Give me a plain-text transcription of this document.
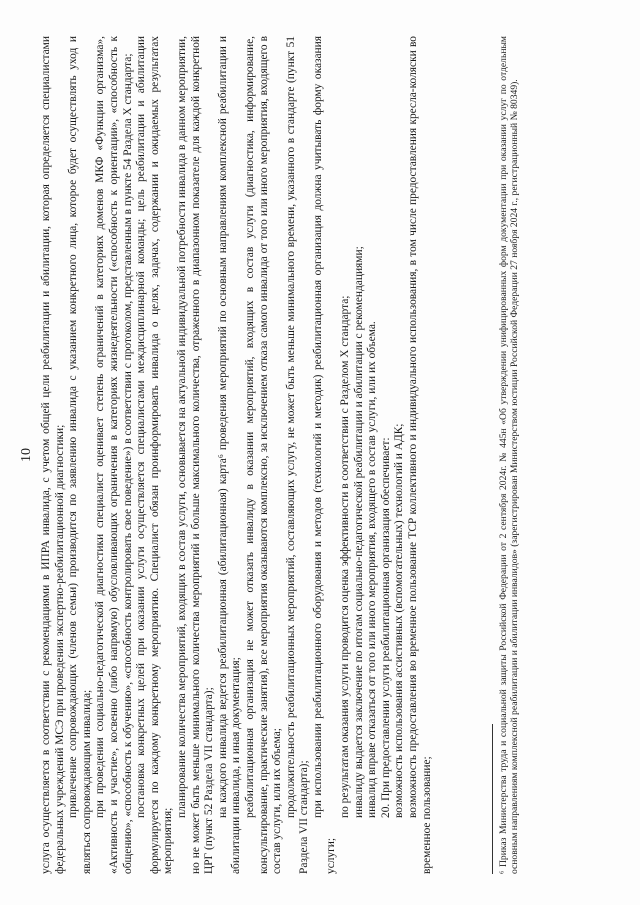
10 услуга осуществляется в соответствии с рекомендациями в ИПРА инвалида, с учетом общей цели реабилитации и абилитации, которая определяется специалистами федеральных учреждений МСЭ при проведении экспертно-реабилитационной диагностики; привлечение сопровождающих (членов семьи) производится по заявлению инвалида с указанием конкретного лица, которое будет осуществлять уход и являться сопровождающим инвалида; при проведении социально-педагогической диагностики специалист оценивает степень ограничений в категориях доменов МКФ «Функции организма», «Активность и участие», косвенно (либо напрямую) обусловливающих ограничения в категориях жизнедеятельности («способность к ориентации», «способность к общению», «способность к обучению», «способность контролировать свое поведение») в соответствии с протоколом, представленным в пункте 54 Раздела X стандарта; постановка конкретных целей при оказании услуги осуществляется специалистами междисциплинарной команды; цель реабилитации и абилитации формулируется по каждому конкретному мероприятию. Специалист обязан проинформировать инвалида о целях, задачах, содержании и ожидаемых результатах мероприятия;

планирование количества мероприятий, входящих в состав услуги, основывается на актуальной индивидуальной потребности инвалида в данном мероприятии, но не может быть меньше минимального количества мероприятий и больше максимального количества, отраженного в диапазонном показателе для каждой конкретной ЦРГ (пункт 52 Раздела VII стандарта); на каждого инвалида ведется реабилитационная (абилитационная) карта⁶ проведения мероприятий по основным направлениям комплексной реабилитации и абилитации инвалида, и иная документация; реабилитационная организация не может отказать инвалиду в оказании мероприятий, входящих в состав услуги (диагностика, информирование, консультирование, практические занятия), все мероприятия оказываются комплексно, за исключением отказа самого инвалида от того или иного мероприятия, входящего в состав услуги, или их объема; продолжительность реабилитационных мероприятий, составляющих услугу, не может быть меньше минимального времени, указанного в стандарте (пункт 51 Раздела VII стандарта); при использовании реабилитационного оборудования и методов (технологий и методик) реабилитационная организация должна учитывать форму оказания услуги;

по результатам оказания услуги проводится оценка эффективности в соответствии с Разделом X стандарта; инвалиду выдается заключение по итогам социально-педагогической реабилитации и абилитации с рекомендациями; инвалид вправе отказаться от того или иного мероприятия, входящего в состав услуги, или их объема. 20. При предоставлении услуги реабилитационная организация обеспечивает: возможность использования ассистивных (вспомогательных) технологий и АДК; возможность предоставления во временное пользование ТСР коллективного и индивидуального использования, в том числе предоставления кресла-коляски во временное пользование;	⁶ Приказ Министерства труда и социальной защиты Российской Федерации от 2 сентября 2024г. № 445н «Об утверждении унифицированных форм документации при оказании услуг по отдельным основным направлениям комплексной реабилитации и абилитации инвалидов» (зарегистрирован Министерством юстиции Российской Федерации 27 ноября 2024 г., регистрационный № 80349).
